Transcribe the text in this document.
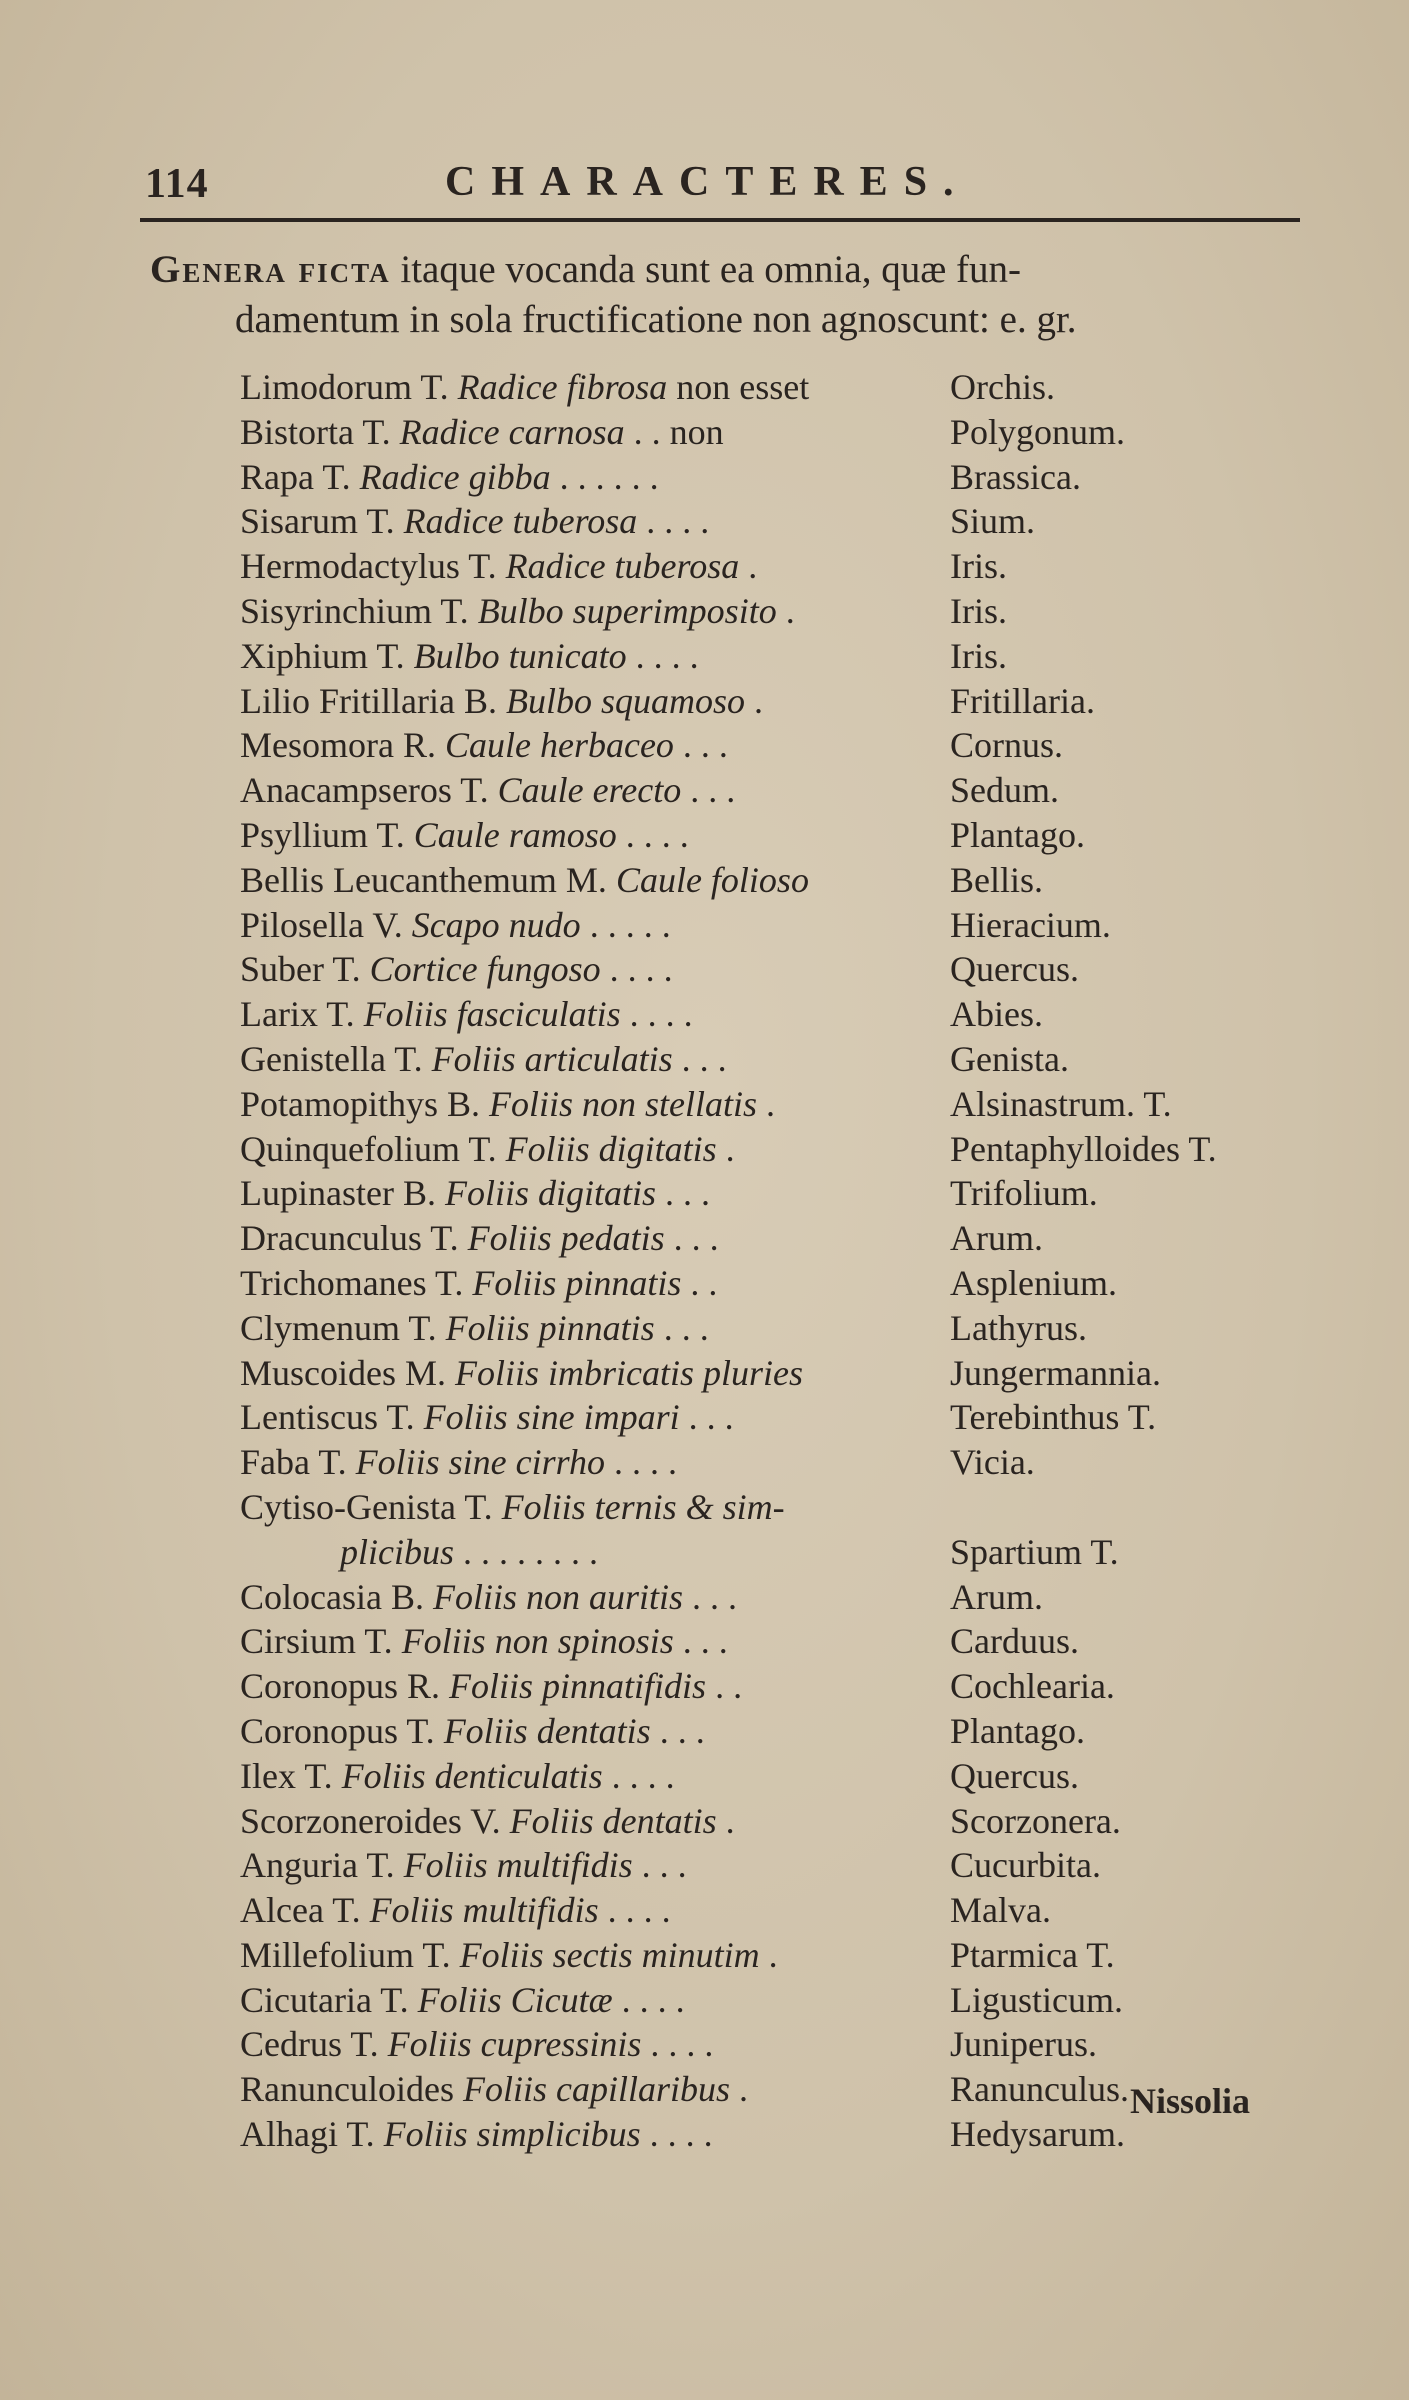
114	CHARACTERES.
Genera ficta itaque vocanda sunt ea omnia, quæ fun-
damentum in sola fructificatione non agnoscunt: e. gr.
Limodorum T. Radice fibrosa non esset	Orchis.
Bistorta T. Radice carnosa . . non	Polygonum.
Rapa T. Radice gibba . . . . . .	Brassica.
Sisarum T. Radice tuberosa . . . .	Sium.
Hermodactylus T. Radice tuberosa .	Iris.
Sisyrinchium T. Bulbo superimposito .	Iris.
Xiphium T. Bulbo tunicato . . . .	Iris.
Lilio Fritillaria B. Bulbo squamoso .	Fritillaria.
Mesomora R. Caule herbaceo . . .	Cornus.
Anacampseros T. Caule erecto . . .	Sedum.
Psyllium T. Caule ramoso . . . .	Plantago.
Bellis Leucanthemum M. Caule folioso	Bellis.
Pilosella V. Scapo nudo . . . . .	Hieracium.
Suber T. Cortice fungoso . . . .	Quercus.
Larix T. Foliis fasciculatis . . . .	Abies.
Genistella T. Foliis articulatis . . .	Genista.
Potamopithys B. Foliis non stellatis .	Alsinastrum. T.
Quinquefolium T. Foliis digitatis .	Pentaphylloides T.
Lupinaster B. Foliis digitatis . . .	Trifolium.
Dracunculus T. Foliis pedatis . . .	Arum.
Trichomanes T. Foliis pinnatis . .	Asplenium.
Clymenum T. Foliis pinnatis . . .	Lathyrus.
Muscoides M. Foliis imbricatis pluries	Jungermannia.
Lentiscus T. Foliis sine impari . . .	Terebinthus T.
Faba T. Foliis sine cirrho . . . .	Vicia.
Cytiso-Genista T. Foliis ternis & sim-
plicibus . . . . . . . .	Spartium T.
Colocasia B. Foliis non auritis . . .	Arum.
Cirsium T. Foliis non spinosis . . .	Carduus.
Coronopus R. Foliis pinnatifidis . .	Cochlearia.
Coronopus T. Foliis dentatis . . .	Plantago.
Ilex T. Foliis denticulatis . . . .	Quercus.
Scorzoneroides V. Foliis dentatis .	Scorzonera.
Anguria T. Foliis multifidis . . .	Cucurbita.
Alcea T. Foliis multifidis . . . .	Malva.
Millefolium T. Foliis sectis minutim .	Ptarmica T.
Cicutaria T. Foliis Cicutæ . . . .	Ligusticum.
Cedrus T. Foliis cupressinis . . . .	Juniperus.
Ranunculoides Foliis capillaribus .	Ranunculus.
Alhagi T. Foliis simplicibus . . . .	Hedysarum.
Nissolia
